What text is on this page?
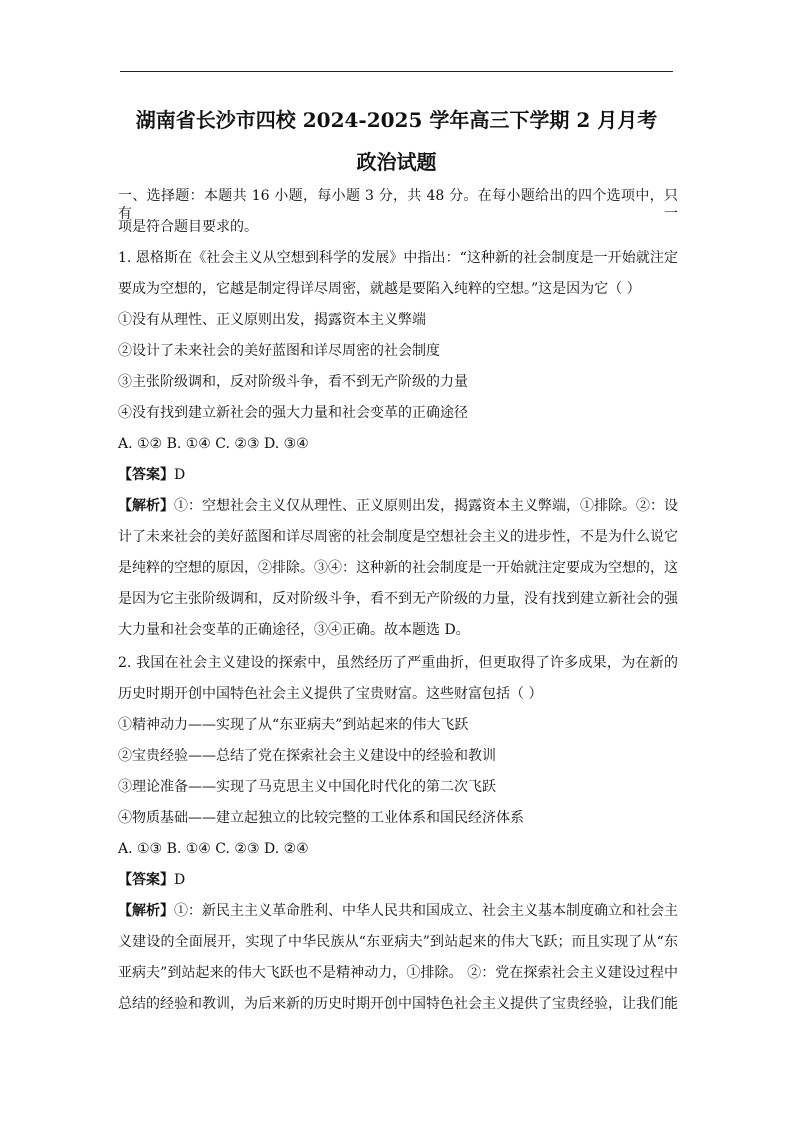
湖南省长沙市四校 2024-2025 学年高三下学期 2 月月考
政治试题
一、选择题：本题共 16 小题，每小题 3 分，共 48 分。在每小题给出的四个选项中，只有一
项是符合题目要求的。
1. 恩格斯在《社会主义从空想到科学的发展》中指出：“这种新的社会制度是一开始就注定
要成为空想的，它越是制定得详尽周密，就越是要陷入纯粹的空想。”这是因为它（ ）
①没有从理性、正义原则出发，揭露资本主义弊端
②设计了未来社会的美好蓝图和详尽周密的社会制度
③主张阶级调和，反对阶级斗争，看不到无产阶级的力量
④没有找到建立新社会的强大力量和社会变革的正确途径
A. ①② B. ①④ C. ②③ D. ③④
【答案】D
【解析】①：空想社会主义仅从理性、正义原则出发，揭露资本主义弊端，①排除。②：设
计了未来社会的美好蓝图和详尽周密的社会制度是空想社会主义的进步性，不是为什么说它
是纯粹的空想的原因，②排除。③④：这种新的社会制度是一开始就注定要成为空想的，这
是因为它主张阶级调和，反对阶级斗争，看不到无产阶级的力量，没有找到建立新社会的强
大力量和社会变革的正确途径，③④正确。故本题选 D。
2. 我国在社会主义建设的探索中，虽然经历了严重曲折，但更取得了许多成果，为在新的
历史时期开创中国特色社会主义提供了宝贵财富。这些财富包括（ ）
①精神动力——实现了从“东亚病夫”到站起来的伟大飞跃
②宝贵经验——总结了党在探索社会主义建设中的经验和教训
③理论准备——实现了马克思主义中国化时代化的第二次飞跃
④物质基础——建立起独立的比较完整的工业体系和国民经济体系
A. ①③ B. ①④ C. ②③ D. ②④
【答案】D
【解析】①：新民主主义革命胜利、中华人民共和国成立、社会主义基本制度确立和社会主
义建设的全面展开，实现了中华民族从“东亚病夫”到站起来的伟大飞跃；而且实现了从“东
亚病夫”到站起来的伟大飞跃也不是精神动力，①排除。 ②：党在探索社会主义建设过程中
总结的经验和教训，为后来新的历史时期开创中国特色社会主义提供了宝贵经验，让我们能
